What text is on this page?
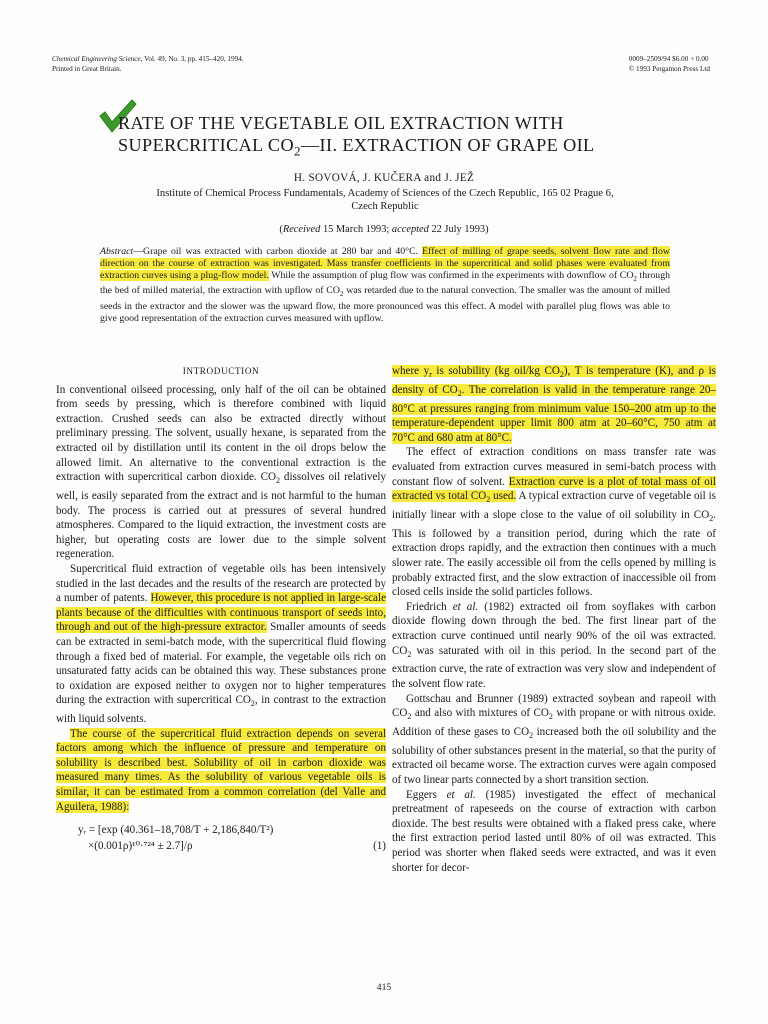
Chemical Engineering Science, Vol. 49, No. 3, pp. 415–420, 1994.
Printed in Great Britain.
0009–2509/94 $6.00 + 0.00
© 1993 Pergamon Press Ltd
RATE OF THE VEGETABLE OIL EXTRACTION WITH
SUPERCRITICAL $CO_2—II$. EXTRACTION OF GRAPE OIL
H. SOVOVÁ, J. KUČERA and J. JEŽ
Institute of Chemical Process Fundamentals, Academy of Sciences of the Czech Republic, 165 02 Prague 6,
Czech Republic
(Received 15 March 1993; accepted 22 July 1993)
Abstract—Grape oil was extracted with carbon dioxide at 280 bar and 40°C. Effect of milling of grape seeds, solvent flow rate and flow direction on the course of extraction was investigated. Mass transfer coefficients in the supercritical and solid phases were evaluated from extraction curves using a plug-flow model. While the assumption of plug flow was confirmed in the experiments with downflow of $CO_2$ through the bed of milled material, the extraction with upflow of $CO_2$ was retarded due to the natural convection. The smaller was the amount of milled seeds in the extractor and the slower was the upward flow, the more pronounced was this effect. A model with parallel plug flows was able to give good representation of the extraction curves measured with upflow.

INTRODUCTION

In conventional oilseed processing, only half of the oil can be obtained from seeds by pressing, which is therefore combined with liquid extraction. Crushed seeds can also be extracted directly without preliminary pressing. The solvent, usually hexane, is separated from the extracted oil by distillation until its content in the oil drops below the allowed limit. An alternative to the conventional extraction is the extraction with supercritical carbon dioxide. $CO_2$ dissolves oil relatively well, is easily separated from the extract and is not harmful to the human body. The process is carried out at pressures of several hundred atmospheres. Compared to the liquid extraction, the investment costs are higher, but operating costs are lower due to the simple solvent regeneration.

Supercritical fluid extraction of vegetable oils has been intensively studied in the last decades and the results of the research are protected by a number of patents. However, this procedure is not applied in large-scale plants because of the difficulties with continuous transport of seeds into, through and out of the high-pressure extractor. Smaller amounts of seeds can be extracted in semi-batch mode, with the supercritical fluid flowing through a fixed bed of material. For example, the vegetable oils rich on unsaturated fatty acids can be obtained this way. These substances prone to oxidation are exposed neither to oxygen nor to higher temperatures during the extraction with supercritical $CO_2$, in contrast to the extraction with liquid solvents.

The course of the supercritical fluid extraction depends on several factors among which the influence of pressure and temperature on solubility is described best. Solubility of oil in carbon dioxide was measured many times. As the solubility of various vegetable oils is similar, it can be estimated from a common correlation (del Valle and Aguilera, 1988):

yᵣ = [exp (40.361–18,708/T + 2,186,840/T²)
×(0.001ρ)¹⁰·⁷²⁴ ± 2.7]/ρ	(1)

where $y_r$ is solubility (kg oil/kg $CO_2$), T is temperature (K), and ρ is density of $CO_2$. The correlation is valid in the temperature range 20–80°C at pressures ranging from minimum value 150–200 atm up to the temperature-dependent upper limit 800 atm at 20–60°C, 750 atm at 70°C and 680 atm at 80°C.

The effect of extraction conditions on mass transfer rate was evaluated from extraction curves measured in semi-batch process with constant flow of solvent. Extraction curve is a plot of total mass of oil extracted vs total $CO_2$ used. A typical extraction curve of vegetable oil is initially linear with a slope close to the value of oil solubility in $CO_2$. This is followed by a transition period, during which the rate of extraction drops rapidly, and the extraction then continues with a much slower rate. The easily accessible oil from the cells opened by milling is probably extracted first, and the slow extraction of inaccessible oil from closed cells inside the solid particles follows.

Friedrich et al. (1982) extracted oil from soyflakes with carbon dioxide flowing down through the bed. The first linear part of the extraction curve continued until nearly 90% of the oil was extracted. $CO_2$ was saturated with oil in this period. In the second part of the extraction curve, the rate of extraction was very slow and independent of the solvent flow rate.

Gottschau and Brunner (1989) extracted soybean and rapeoil with $CO_2$ and also with mixtures of $CO_2$ with propane or with nitrous oxide. Addition of these gases to $CO_2$ increased both the oil solubility and the solubility of other substances present in the material, so that the purity of extracted oil became worse. The extraction curves were again composed of two linear parts connected by a short transition section.

Eggers et al. (1985) investigated the effect of mechanical pretreatment of rapeseeds on the course of extraction with carbon dioxide. The best results were obtained with a flaked press cake, where the first extraction period lasted until 80% of oil was extracted. This period was shorter when flaked seeds were extracted, and was it even shorter for decor-

415
